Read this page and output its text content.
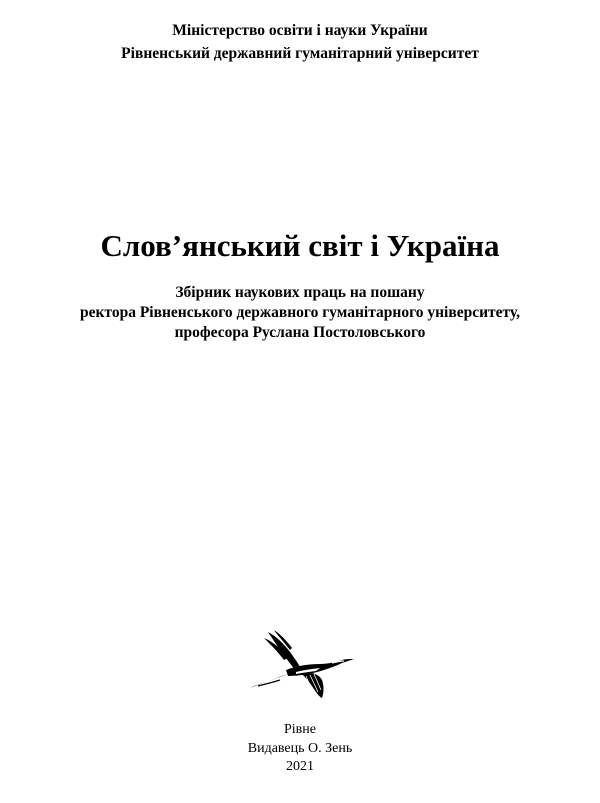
Міністерство освіти і науки України
Рівненський державний гуманітарний університет
Слов’янський світ і Україна
Збірник наукових праць на пошану
ректора Рівненського державного гуманітарного університету,
професора Руслана Постоловського
Рівне
Видавець О. Зень
2021
